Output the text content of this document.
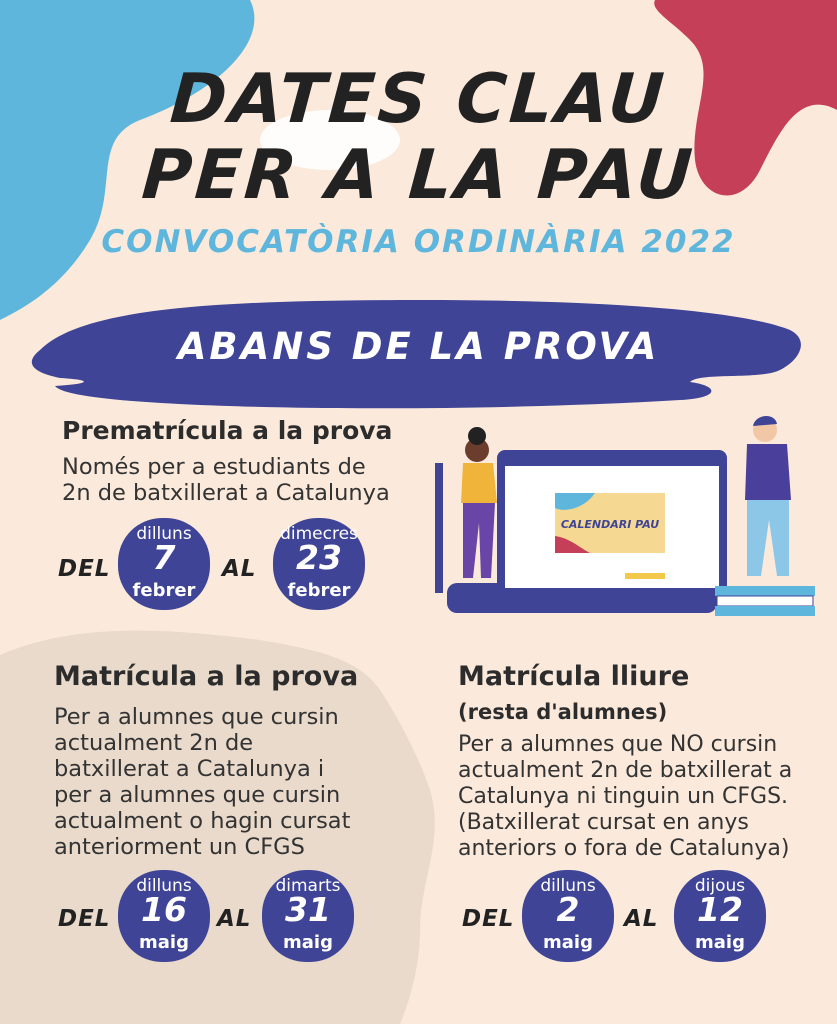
DATES CLAU
PER A LA PAU
CONVOCATÒRIA ORDINÀRIA 2022
ABANS DE LA PROVA
Prematrícula a la prova
Només per a estudiants de
2n de batxillerat a Catalunya
DEL
dilluns
7
febrer
AL
dimecres
23
febrer
CALENDARI PAU
Matrícula a la prova
Per a alumnes que cursin
actualment 2n de
batxillerat a Catalunya i
per a alumnes que cursin
actualment o hagin cursat
anteriorment un CFGS
DEL
dilluns
16
maig
AL
dimarts
31
maig
Matrícula lliure
(resta d'alumnes)
Per a alumnes que NO cursin
actualment 2n de batxillerat a
Catalunya ni tinguin un CFGS.
(Batxillerat cursat en anys
anteriors o fora de Catalunya)
DEL
dilluns
2
maig
AL
dijous
12
maig
